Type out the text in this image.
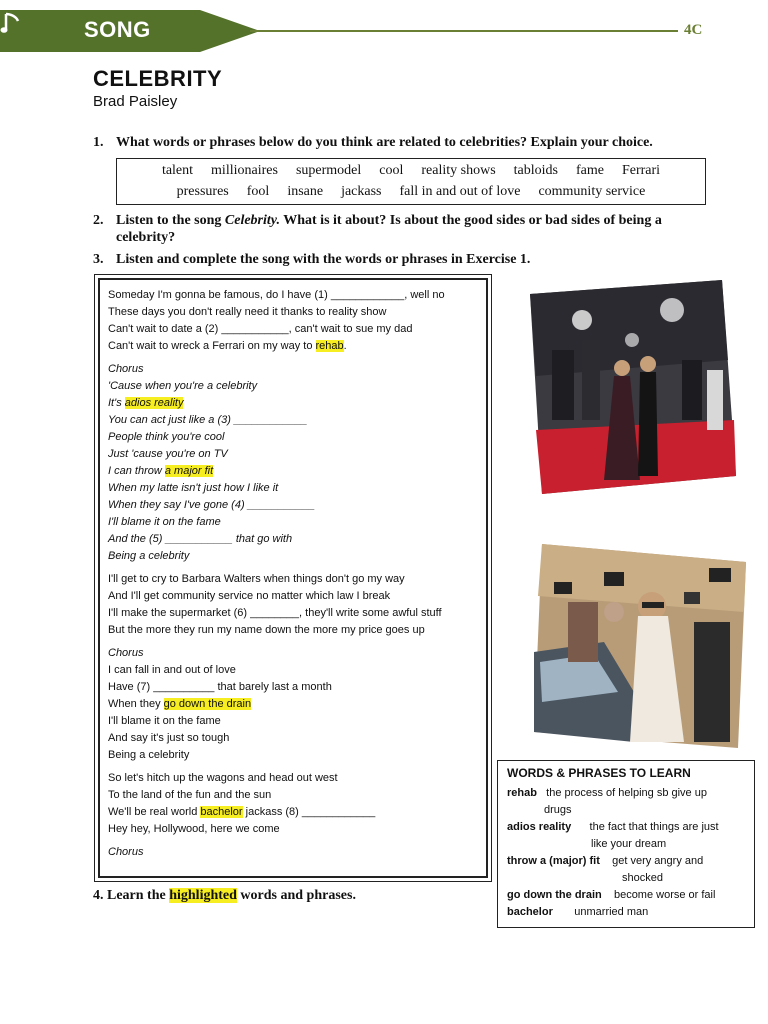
SONG	4C
CELEBRITY
Brad Paisley
1. What words or phrases below do you think are related to celebrities? Explain your choice.
talent millionaires supermodel cool reality shows tabloids fame Ferrari
pressures fool insane jackass fall in and out of love community service
2. Listen to the song Celebrity. What is it about? Is about the good sides or bad sides of being a celebrity?
3. Listen and complete the song with the words or phrases in Exercise 1.
Someday I'm gonna be famous, do I have (1) ____________, well no
These days you don't really need it thanks to reality show
Can't wait to date a (2) ___________, can't wait to sue my dad
Can't wait to wreck a Ferrari on my way to rehab.
Chorus
'Cause when you're a celebrity
It's adios reality
You can act just like a (3) ____________
People think you're cool
Just 'cause you're on TV
I can throw a major fit
When my latte isn't just how I like it
When they say I've gone (4) ___________
I'll blame it on the fame
And the (5) ___________ that go with
Being a celebrity
I'll get to cry to Barbara Walters when things don't go my way
And I'll get community service no matter which law I break
I'll make the supermarket (6) ________, they'll write some awful stuff
But the more they run my name down the more my price goes up
Chorus
I can fall in and out of love
Have (7) __________ that barely last a month
When they go down the drain
I'll blame it on the fame
And say it's just so tough
Being a celebrity
So let's hitch up the wagons and head out west
To the land of the fun and the sun
We'll be real world bachelor jackass (8) ____________
Hey hey, Hollywood, here we come
Chorus
WORDS & PHRASES TO LEARN
rehab the process of helping sb give up
drugs
adios reality the fact that things are just
like your dream
throw a (major) fit get very angry and
shocked
go down the drain become worse or fail
bachelor unmarried man
4. Learn the highlighted words and phrases.
